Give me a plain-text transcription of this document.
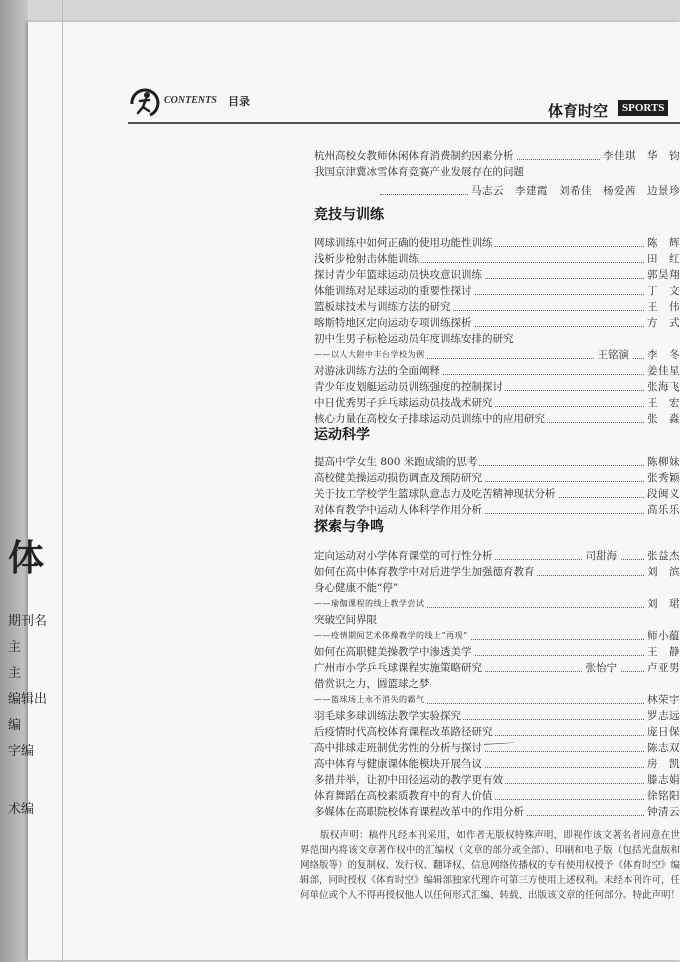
体
期刊名
主
主
编辑出
编
字编
术编
CONTENTS 目录
体育时空	SPORTS
杭州高校女教师休闲体育消费制约因素分析	李佳琪　华　钧
我国京津冀冰雪体育竞赛产业发展存在的问题
马志云　李建霞　刘希佳　杨爱茜　边景珍
竞技与训练
网球训练中如何正确的使用功能性训练	陈　辉
浅析步枪射击体能训练	田　红
探讨青少年篮球运动员快攻意识训练	郭昊翔
体能训练对足球运动的重要性探讨	丁　文
篮板球技术与训练方法的研究	王　伟
喀斯特地区定向运动专项训练探析	方　式
初中生男子标枪运动员年度训练安排的研究
——以人大附中丰台学校为例	王铭演 李　冬
对游泳训练方法的全面阐释	姜佳星
青少年皮划艇运动员训练强度的控制探讨	张海飞
中日优秀男子乒乓球运动员技战术研究	王　宏
核心力量在高校女子排球运动员训练中的应用研究	张　淼
运动科学
提高中学女生 800 米跑成绩的思考	陈柳妹
高校健美操运动损伤调查及预防研究	张秀颖
关于技工学校学生篮球队意志力及吃苦精神现状分析	段闽义
对体育教学中运动人体科学作用分析	高乐乐
探索与争鸣
定向运动对小学体育课堂的可行性分析	司甜海	张益杰
如何在高中体育教学中对后进学生加强德育教育	刘　滨
身心健康不能“停”
——瑜伽课程的线上教学尝试	刘　珺
突破空间界限
——疫情期间艺术体操教学的线上“再现”	师小蕴
如何在高职健美操教学中渗透美学	王　静
广州市小学乒乓球课程实施策略研究	张怡宁	卢亚男
借赏识之力，圆篮球之梦
——篮球场上永不消失的霸气	林荣宇
羽毛球多球训练法教学实验探究	罗志远
后疫情时代高校体育课程改革路径研究	庞日保
高中排球走班制优劣性的分析与探讨	陈志双
高中体育与健康课体能模块开展刍议	房　凯
多措并举，让初中田径运动的教学更有效	滕志娟
体育舞蹈在高校素质教育中的育人价值	徐铭阳
多媒体在高职院校体育课程改革中的作用分析	钟清云

版权声明：稿件凡经本刊采用，如作者无版权特殊声明，即视作该文著名者同意在世界范围内将该文章著作权中的汇编权（文章的部分或全部）、印刷和电子版（包括光盘版和网络版等）的复制权、发行权、翻译权、信息网络传播权的专有使用权授予《体育时空》编辑部，同时授权《体育时空》编辑部独家代理许可第三方使用上述权利。未经本刊许可，任何单位或个人不得再授权他人以任何形式汇编、转载、出版该文章的任何部分。特此声明！
